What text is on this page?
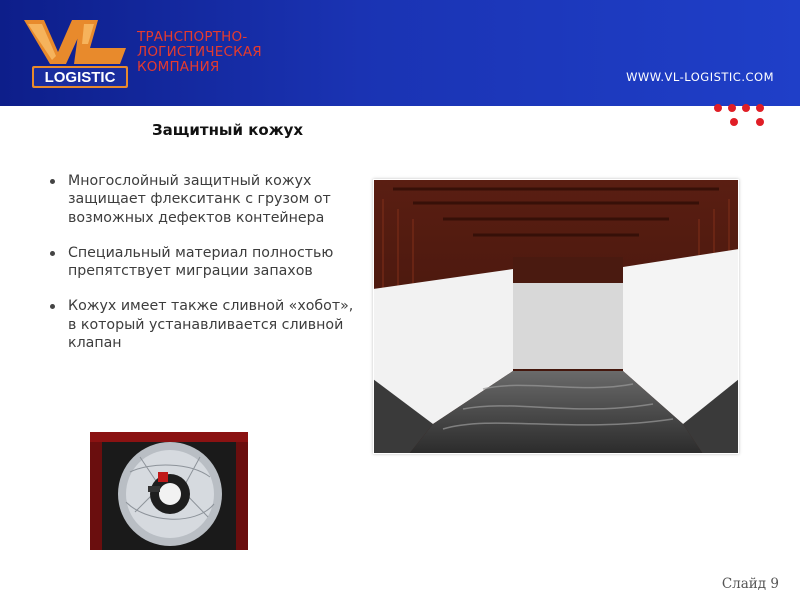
LOGISTIC
ТРАНСПОРТНО-
ЛОГИСТИЧЕСКАЯ
КОМПАНИЯ
WWW.VL-LOGISTIC.COM
Защитный кожух
Многослойный защитный кожух защищает флекситанк с грузом от возможных дефектов контейнера
Специальный материал полностью препятствует миграции запахов
Кожух имеет также сливной «хобот», в который устанавливается сливной клапан
Слайд 9
